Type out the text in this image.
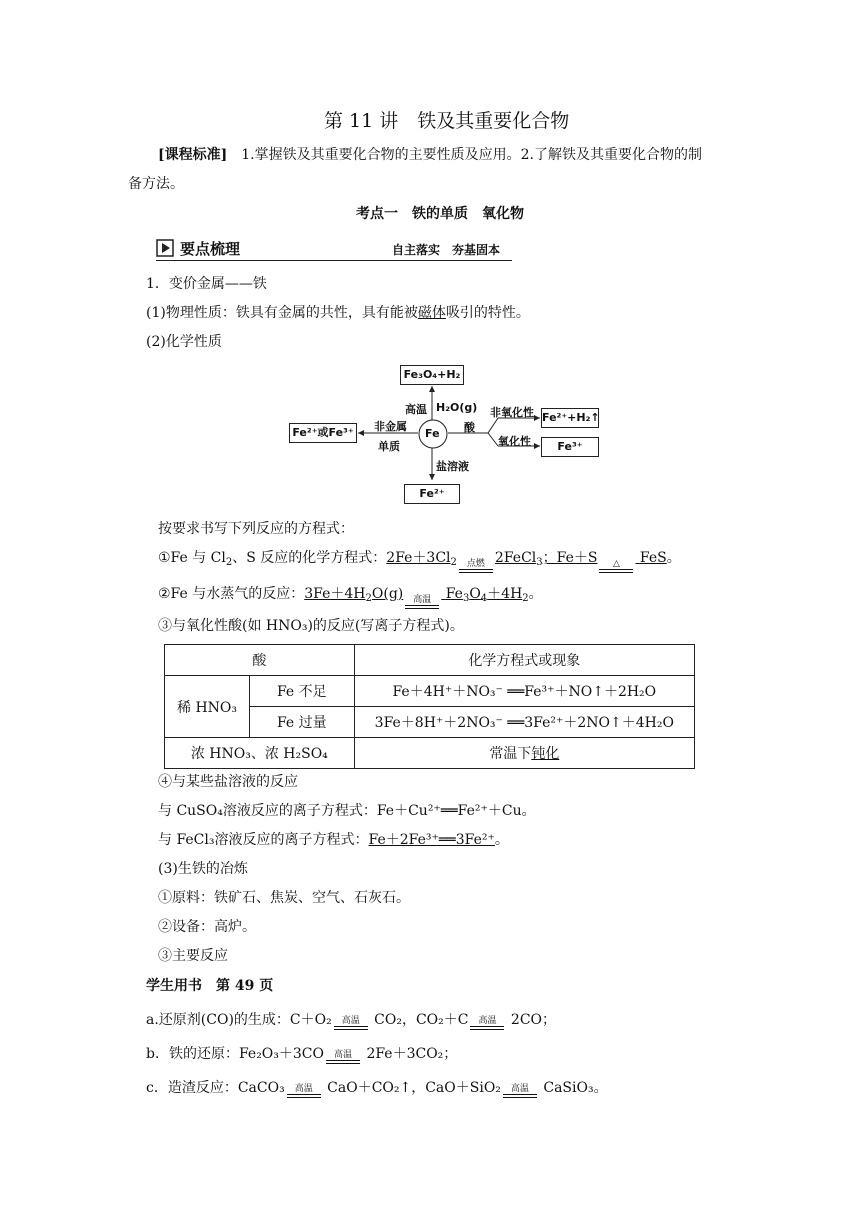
第 11 讲　铁及其重要化合物
[课程标准]　1.掌握铁及其重要化合物的主要性质及应用。2.了解铁及其重要化合物的制
备方法。
考点一　铁的单质　氧化物
要点梳理	自主落实　夯基固本
1．变价金属——铁
(1)物理性质：铁具有金属的共性，具有能被磁体吸引的特性。
(2)化学性质
Fe₃O₄+H₂
Fe²⁺或Fe³⁺	Fe
Fe²⁺
Fe²⁺+H₂↑
Fe³⁺
高温 H₂O(g)
非金属
单质
酸
盐溶液
非氧化性
氧化性
按要求书写下列反应的方程式：
①Fe 与 $Cl_2$、S 反应的化学方程式：$2Fe+3Cl_2$	点燃 2FeCl$_3$；Fe＋S	△	FeS。
②Fe 与水蒸气的反应：$3Fe+4H_2O(g)$	高温	$Fe_3O_4+4H_2$。
③与氧化性酸(如 HNO₃)的反应(写离子方程式)。
酸		化学方程式或现象
稀 HNO₃	Fe 不足	Fe＋4H⁺＋NO₃⁻ ══Fe³⁺＋NO↑＋2H₂O
	Fe 过量	3Fe＋8H⁺＋2NO₃⁻ ══3Fe²⁺＋2NO↑＋4H₂O
浓 HNO₃、浓 H₂SO₄		常温下钝化
④与某些盐溶液的反应
与 CuSO₄溶液反应的离子方程式：Fe＋Cu²⁺══Fe²⁺＋Cu。
与 FeCl₃溶液反应的离子方程式：Fe＋2Fe³⁺══3Fe²⁺。
(3)生铁的冶炼
①原料：铁矿石、焦炭、空气、石灰石。
②设备：高炉。
③主要反应
学生用书　第 49 页
a.还原剂(CO)的生成：C＋O₂	高温 CO₂，CO₂＋C	高温 2CO；
b．铁的还原：Fe₂O₃＋3CO	高温 2Fe＋3CO₂；
c．造渣反应：CaCO₃	高温 CaO＋CO₂↑，CaO＋SiO₂	高温 CaSiO₃。
